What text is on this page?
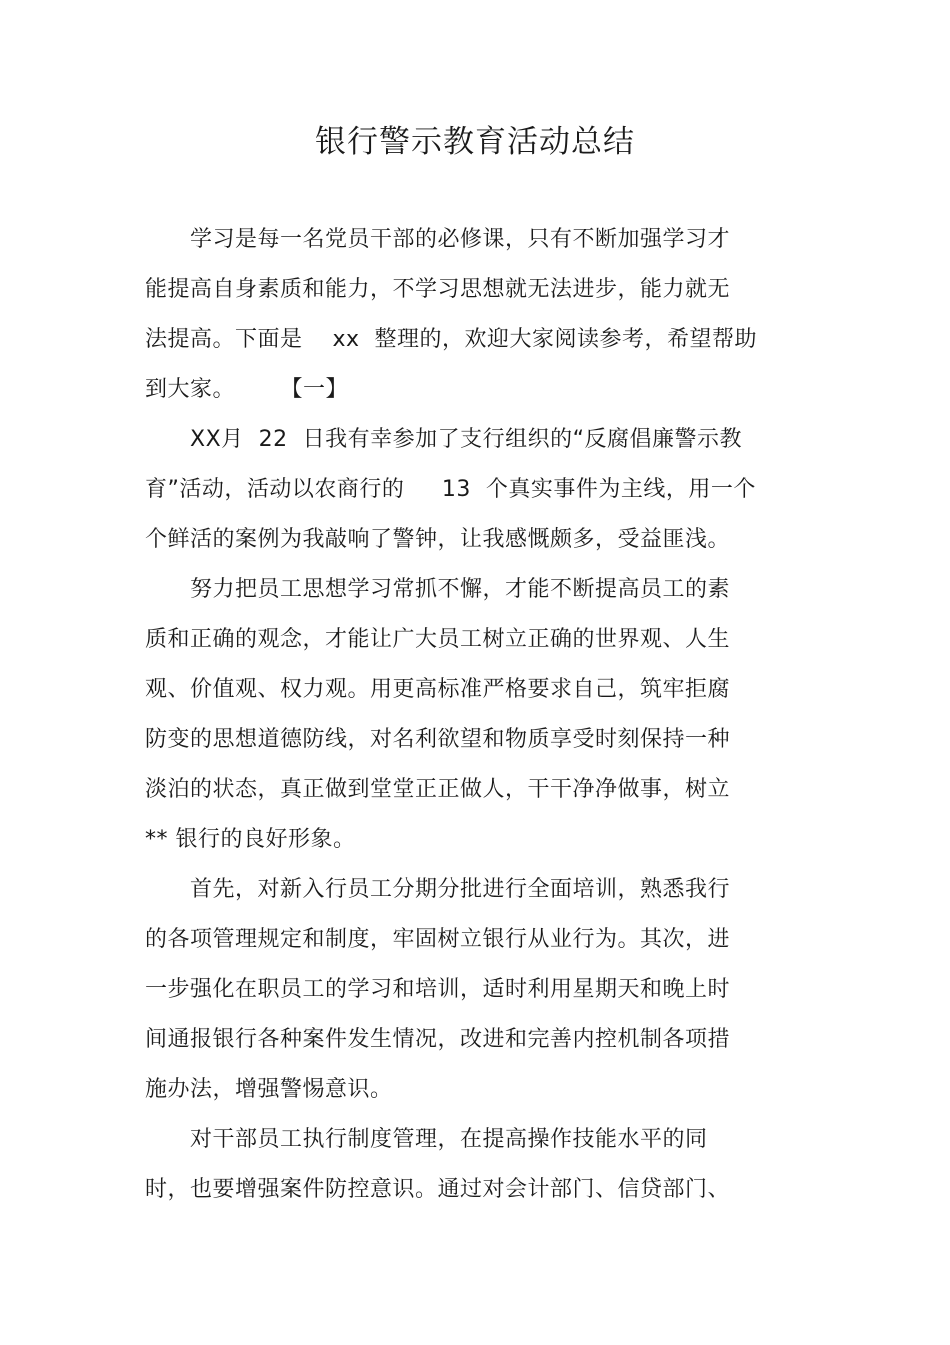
银行警示教育活动总结
　　学习是每一名党员干部的必修课，只有不断加强学习才
能提高自身素质和能力，不学习思想就无法进步，能力就无
法提高。下面是　 xx  整理的，欢迎大家阅读参考，希望帮助
到大家。　　　【一】
　　XX月  22  日我有幸参加了支行组织的“反腐倡廉警示教
育”活动，活动以农商行的　  13  个真实事件为主线，用一个
个鲜活的案例为我敲响了警钟，让我感慨颇多，受益匪浅。
　　努力把员工思想学习常抓不懈，才能不断提高员工的素
质和正确的观念，才能让广大员工树立正确的世界观、人生
观、价值观、权力观。用更高标准严格要求自己，筑牢拒腐
防变的思想道德防线，对名利欲望和物质享受时刻保持一种
淡泊的状态，真正做到堂堂正正做人，干干净净做事，树立
** 银行的良好形象。
　　首先，对新入行员工分期分批进行全面培训，熟悉我行
的各项管理规定和制度，牢固树立银行从业行为。其次，进
一步强化在职员工的学习和培训，适时利用星期天和晚上时
间通报银行各种案件发生情况，改进和完善内控机制各项措
施办法，增强警惕意识。
　　对干部员工执行制度管理，在提高操作技能水平的同
时，也要增强案件防控意识。通过对会计部门、信贷部门、
